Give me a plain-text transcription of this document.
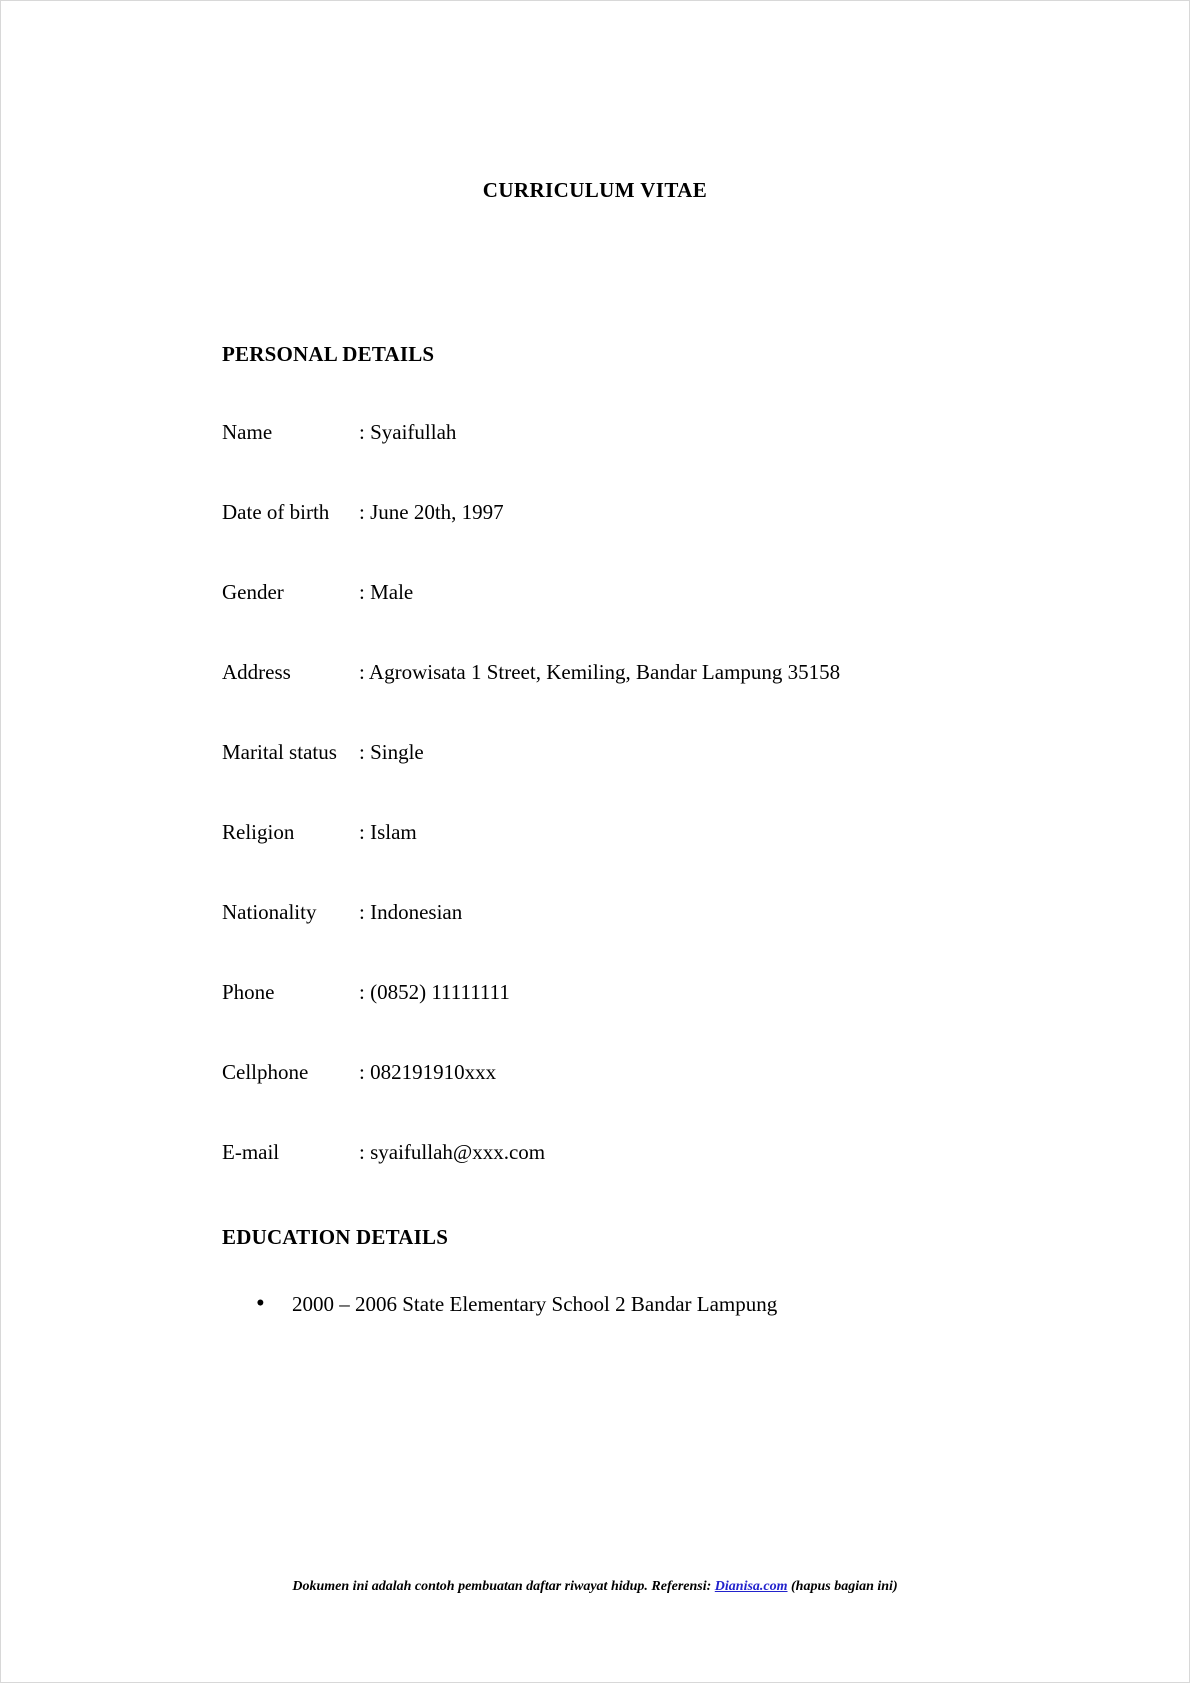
CURRICULUM VITAE
PERSONAL DETAILS
Name	: Syaifullah
Date of birth	: June 20th, 1997
Gender	: Male
Address	: Agrowisata 1 Street, Kemiling, Bandar Lampung 35158
Marital status	: Single
Religion	: Islam
Nationality	: Indonesian
Phone	: (0852) 11111111
Cellphone	: 082191910xxx
E-mail	: syaifullah@xxx.com
EDUCATION DETAILS
•	2000 – 2006 State Elementary School 2 Bandar Lampung
Dokumen ini adalah contoh pembuatan daftar riwayat hidup. Referensi: Dianisa.com (hapus bagian ini)
